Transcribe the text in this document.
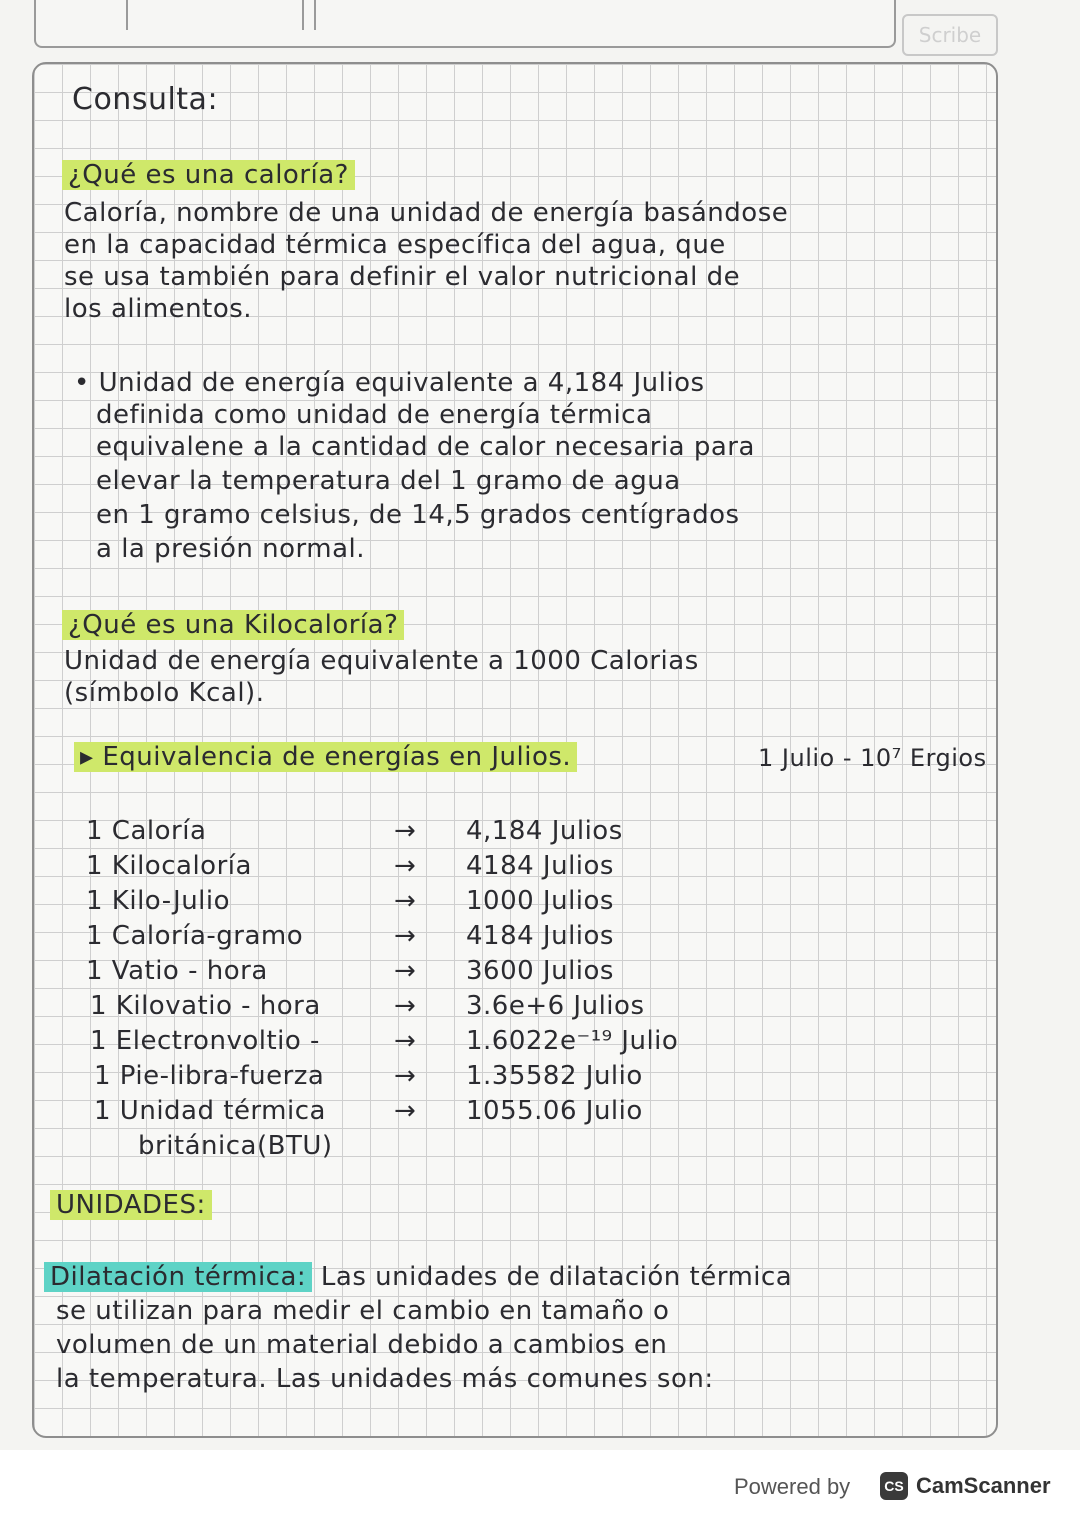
Scribe
Consulta:
¿Qué es una caloría?
Caloría, nombre de una unidad de energía basándose
en la capacidad térmica específica del agua, que
se usa también para definir el valor nutricional de
los alimentos.
• Unidad de energía equivalente a 4,184 Julios
definida como unidad de energía térmica
equivalene a la cantidad de calor necesaria para
elevar la temperatura del 1 gramo de agua
en 1 gramo celsius, de 14,5 grados centígrados
a la presión normal.
¿Qué es una Kilocaloría?
Unidad de energía equivalente a 1000 Calorias
(símbolo Kcal).
▸ Equivalencia de energías en Julios.	1 Julio - 10⁷ Ergios
1 Caloría	→ 4,184 Julios
1 Kilocaloría	→ 4184 Julios
1 Kilo-Julio	→ 1000 Julios
1 Caloría-gramo	→ 4184 Julios
1 Vatio - hora	→ 3600 Julios
1 Kilovatio - hora	→ 3.6e+6 Julios
1 Electronvoltio -	→ 1.6022e⁻¹⁹ Julio
1 Pie-libra-fuerza	→ 1.35582 Julio
1 Unidad térmica	→ 1055.06 Julio
británica(BTU)
UNIDADES:
Dilatación térmica: Las unidades de dilatación térmica
se utilizan para medir el cambio en tamaño o
volumen de un material debido a cambios en
la temperatura. Las unidades más comunes son:
Powered by	CS CamScanner
